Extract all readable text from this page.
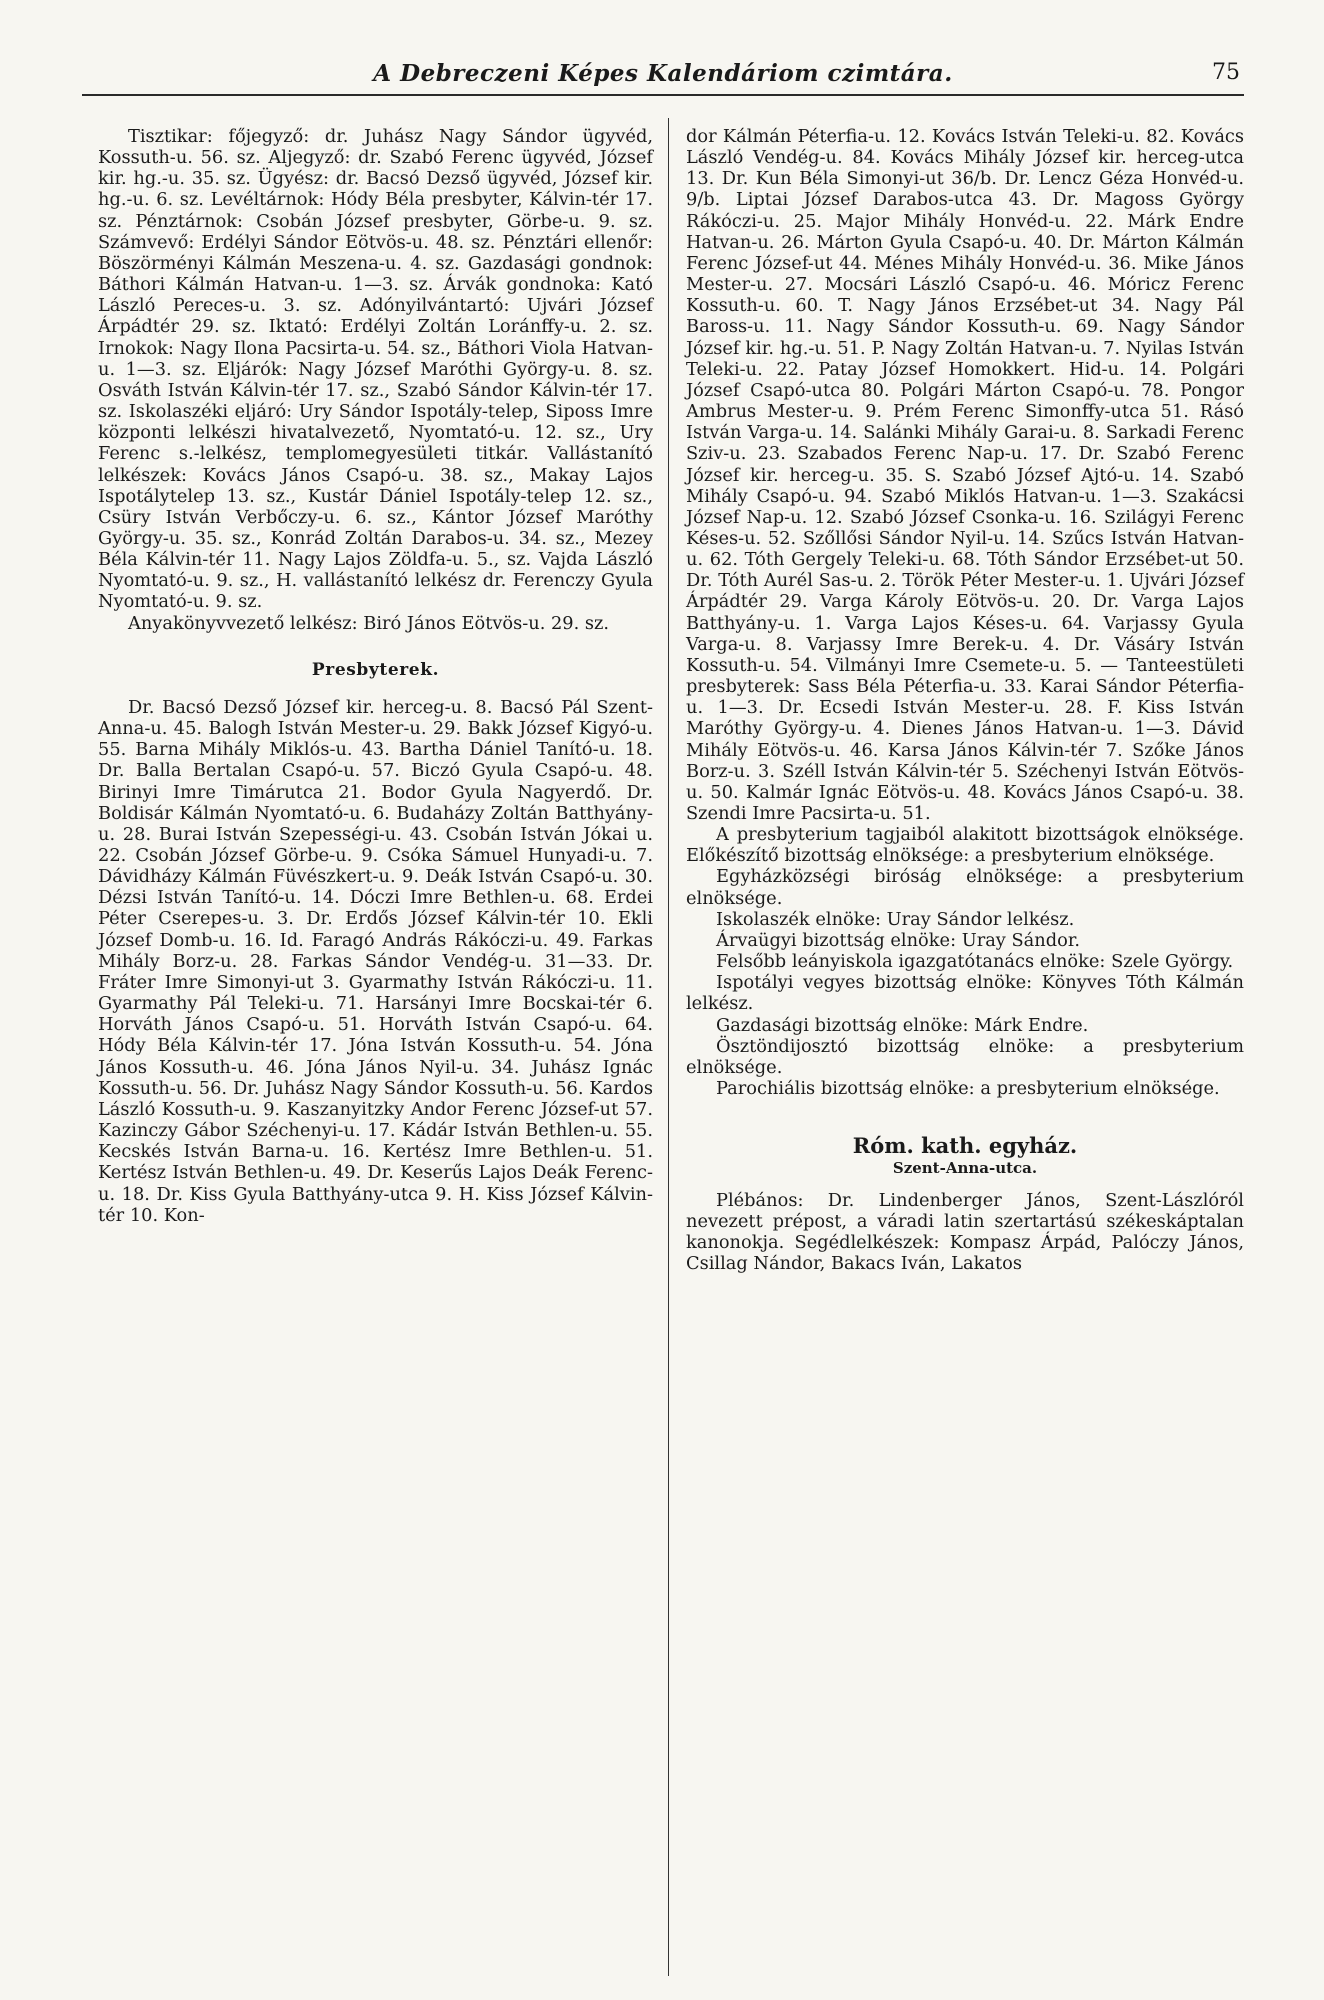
A Debreczeni Képes Kalendáriom czimtára.	75

Tisztikar: főjegyző: dr. Juhász Nagy Sándor ügyvéd, Kossuth-u. 56. sz. Aljegyző: dr. Szabó Ferenc ügyvéd, József kir. hg.-u. 35. sz. Ügyész: dr. Bacsó Dezső ügyvéd, József kir. hg.-u. 6. sz. Levéltárnok: Hódy Béla presbyter, Kálvin-tér 17. sz. Pénztárnok: Csobán József presbyter, Görbe-u. 9. sz. Számvevő: Erdélyi Sándor Eötvös-u. 48. sz. Pénztári ellenőr: Böszörményi Kálmán Meszena-u. 4. sz. Gazdasági gondnok: Báthori Kálmán Hatvan-u. 1—3. sz. Árvák gondnoka: Kató László Pereces-u. 3. sz. Adónyilvántartó: Ujvári József Árpádtér 29. sz. Iktató: Erdélyi Zoltán Loránffy-u. 2. sz. Irnokok: Nagy Ilona Pacsirta-u. 54. sz., Báthori Viola Hatvan-u. 1—3. sz. Eljárók: Nagy József Maróthi György-u. 8. sz. Osváth István Kálvin-tér 17. sz., Szabó Sándor Kálvin-tér 17. sz. Iskolaszéki eljáró: Ury Sándor Ispotály-telep, Siposs Imre központi lelkészi hivatalvezető, Nyomtató-u. 12. sz., Ury Ferenc s.-lelkész, templomegyesületi titkár. Vallástanító lelkészek: Kovács János Csapó-u. 38. sz., Makay Lajos Ispotálytelep 13. sz., Kustár Dániel Ispotály-telep 12. sz., Csüry István Verbőczy-u. 6. sz., Kántor József Maróthy György-u. 35. sz., Konrád Zoltán Darabos-u. 34. sz., Mezey Béla Kálvin-tér 11. Nagy Lajos Zöldfa-u. 5., sz. Vajda László Nyomtató-u. 9. sz., H. vallástanító lelkész dr. Ferenczy Gyula Nyomtató-u. 9. sz.

Anyakönyvvezető lelkész: Biró János Eötvös-u. 29. sz.

Presbyterek.

Dr. Bacsó Dezső József kir. herceg-u. 8. Bacsó Pál Szent-Anna-u. 45. Balogh István Mester-u. 29. Bakk József Kigyó-u. 55. Barna Mihály Miklós-u. 43. Bartha Dániel Tanító-u. 18. Dr. Balla Bertalan Csapó-u. 57. Biczó Gyula Csapó-u. 48. Birinyi Imre Timárutca 21. Bodor Gyula Nagyerdő. Dr. Boldisár Kálmán Nyomtató-u. 6. Budaházy Zoltán Batthyány-u. 28. Burai István Szepességi-u. 43. Csobán István Jókai u. 22. Csobán József Görbe-u. 9. Csóka Sámuel Hunyadi-u. 7. Dávidházy Kálmán Füvészkert-u. 9. Deák István Csapó-u. 30. Dézsi István Tanító-u. 14. Dóczi Imre Bethlen-u. 68. Erdei Péter Cserepes-u. 3. Dr. Erdős József Kálvin-tér 10. Ekli József Domb-u. 16. Id. Faragó András Rákóczi-u. 49. Farkas Mihály Borz-u. 28. Farkas Sándor Vendég-u. 31—33. Dr. Fráter Imre Simonyi-ut 3. Gyarmathy István Rákóczi-u. 11. Gyarmathy Pál Teleki-u. 71. Harsányi Imre Bocskai-tér 6. Horváth János Csapó-u. 51. Horváth István Csapó-u. 64. Hódy Béla Kálvin-tér 17. Jóna István Kossuth-u. 54. Jóna János Kossuth-u. 46. Jóna János Nyil-u. 34. Juhász Ignác Kossuth-u. 56. Dr. Juhász Nagy Sándor Kossuth-u. 56. Kardos László Kossuth-u. 9. Kaszanyitzky Andor Ferenc József-ut 57. Kazinczy Gábor Széchenyi-u. 17. Kádár István Bethlen-u. 55. Kecskés István Barna-u. 16. Kertész Imre Bethlen-u. 51. Kertész István Bethlen-u. 49. Dr. Keserűs Lajos Deák Ferenc-u. 18. Dr. Kiss Gyula Batthyány-utca 9. H. Kiss József Kálvin-tér 10. Kon-

dor Kálmán Péterfia-u. 12. Kovács István Teleki-u. 82. Kovács László Vendég-u. 84. Kovács Mihály József kir. herceg-utca 13. Dr. Kun Béla Simonyi-ut 36/b. Dr. Lencz Géza Honvéd-u. 9/b. Liptai József Darabos-utca 43. Dr. Magoss György Rákóczi-u. 25. Major Mihály Honvéd-u. 22. Márk Endre Hatvan-u. 26. Márton Gyula Csapó-u. 40. Dr. Márton Kálmán Ferenc József-ut 44. Ménes Mihály Honvéd-u. 36. Mike János Mester-u. 27. Mocsári László Csapó-u. 46. Móricz Ferenc Kossuth-u. 60. T. Nagy János Erzsébet-ut 34. Nagy Pál Baross-u. 11. Nagy Sándor Kossuth-u. 69. Nagy Sándor József kir. hg.-u. 51. P. Nagy Zoltán Hatvan-u. 7. Nyilas István Teleki-u. 22. Patay József Homokkert. Hid-u. 14. Polgári József Csapó-utca 80. Polgári Márton Csapó-u. 78. Pongor Ambrus Mester-u. 9. Prém Ferenc Simonffy-utca 51. Rásó István Varga-u. 14. Salánki Mihály Garai-u. 8. Sarkadi Ferenc Sziv-u. 23. Szabados Ferenc Nap-u. 17. Dr. Szabó Ferenc József kir. herceg-u. 35. S. Szabó József Ajtó-u. 14. Szabó Mihály Csapó-u. 94. Szabó Miklós Hatvan-u. 1—3. Szakácsi József Nap-u. 12. Szabó József Csonka-u. 16. Szilágyi Ferenc Késes-u. 52. Szőllősi Sándor Nyil-u. 14. Szűcs István Hatvan-u. 62. Tóth Gergely Teleki-u. 68. Tóth Sándor Erzsébet-ut 50. Dr. Tóth Aurél Sas-u. 2. Török Péter Mester-u. 1. Ujvári József Árpádtér 29. Varga Károly Eötvös-u. 20. Dr. Varga Lajos Batthyány-u. 1. Varga Lajos Késes-u. 64. Varjassy Gyula Varga-u. 8. Varjassy Imre Berek-u. 4. Dr. Vásáry István Kossuth-u. 54. Vilmányi Imre Csemete-u. 5. — Tanteestületi presbyterek: Sass Béla Péterfia-u. 33. Karai Sándor Péterfia-u. 1—3. Dr. Ecsedi István Mester-u. 28. F. Kiss István Maróthy György-u. 4. Dienes János Hatvan-u. 1—3. Dávid Mihály Eötvös-u. 46. Karsa János Kálvin-tér 7. Szőke János Borz-u. 3. Széll István Kálvin-tér 5. Széchenyi István Eötvös-u. 50. Kalmár Ignác Eötvös-u. 48. Kovács János Csapó-u. 38. Szendi Imre Pacsirta-u. 51.

A presbyterium tagjaiból alakitott bizottságok elnöksége. Előkészítő bizottság elnöksége: a presbyterium elnöksége.

Egyházközségi biróság elnöksége: a presbyterium elnöksége.

Iskolaszék elnöke: Uray Sándor lelkész.

Árvaügyi bizottság elnöke: Uray Sándor.

Felsőbb leányiskola igazgatótanács elnöke: Szele György.

Ispotályi vegyes bizottság elnöke: Könyves Tóth Kálmán lelkész.

Gazdasági bizottság elnöke: Márk Endre.

Ösztöndijosztó bizottság elnöke: a presbyterium elnöksége.

Parochiális bizottság elnöke: a presbyterium elnöksége.

Róm. kath. egyház.
Szent-Anna-utca.

Plébános: Dr. Lindenberger János, Szent-Lászlóról nevezett prépost, a váradi latin szertartású székeskáptalan kanonokja. Segédlelkészek: Kompasz Árpád, Palóczy János, Csillag Nándor, Bakacs Iván, Lakatos
